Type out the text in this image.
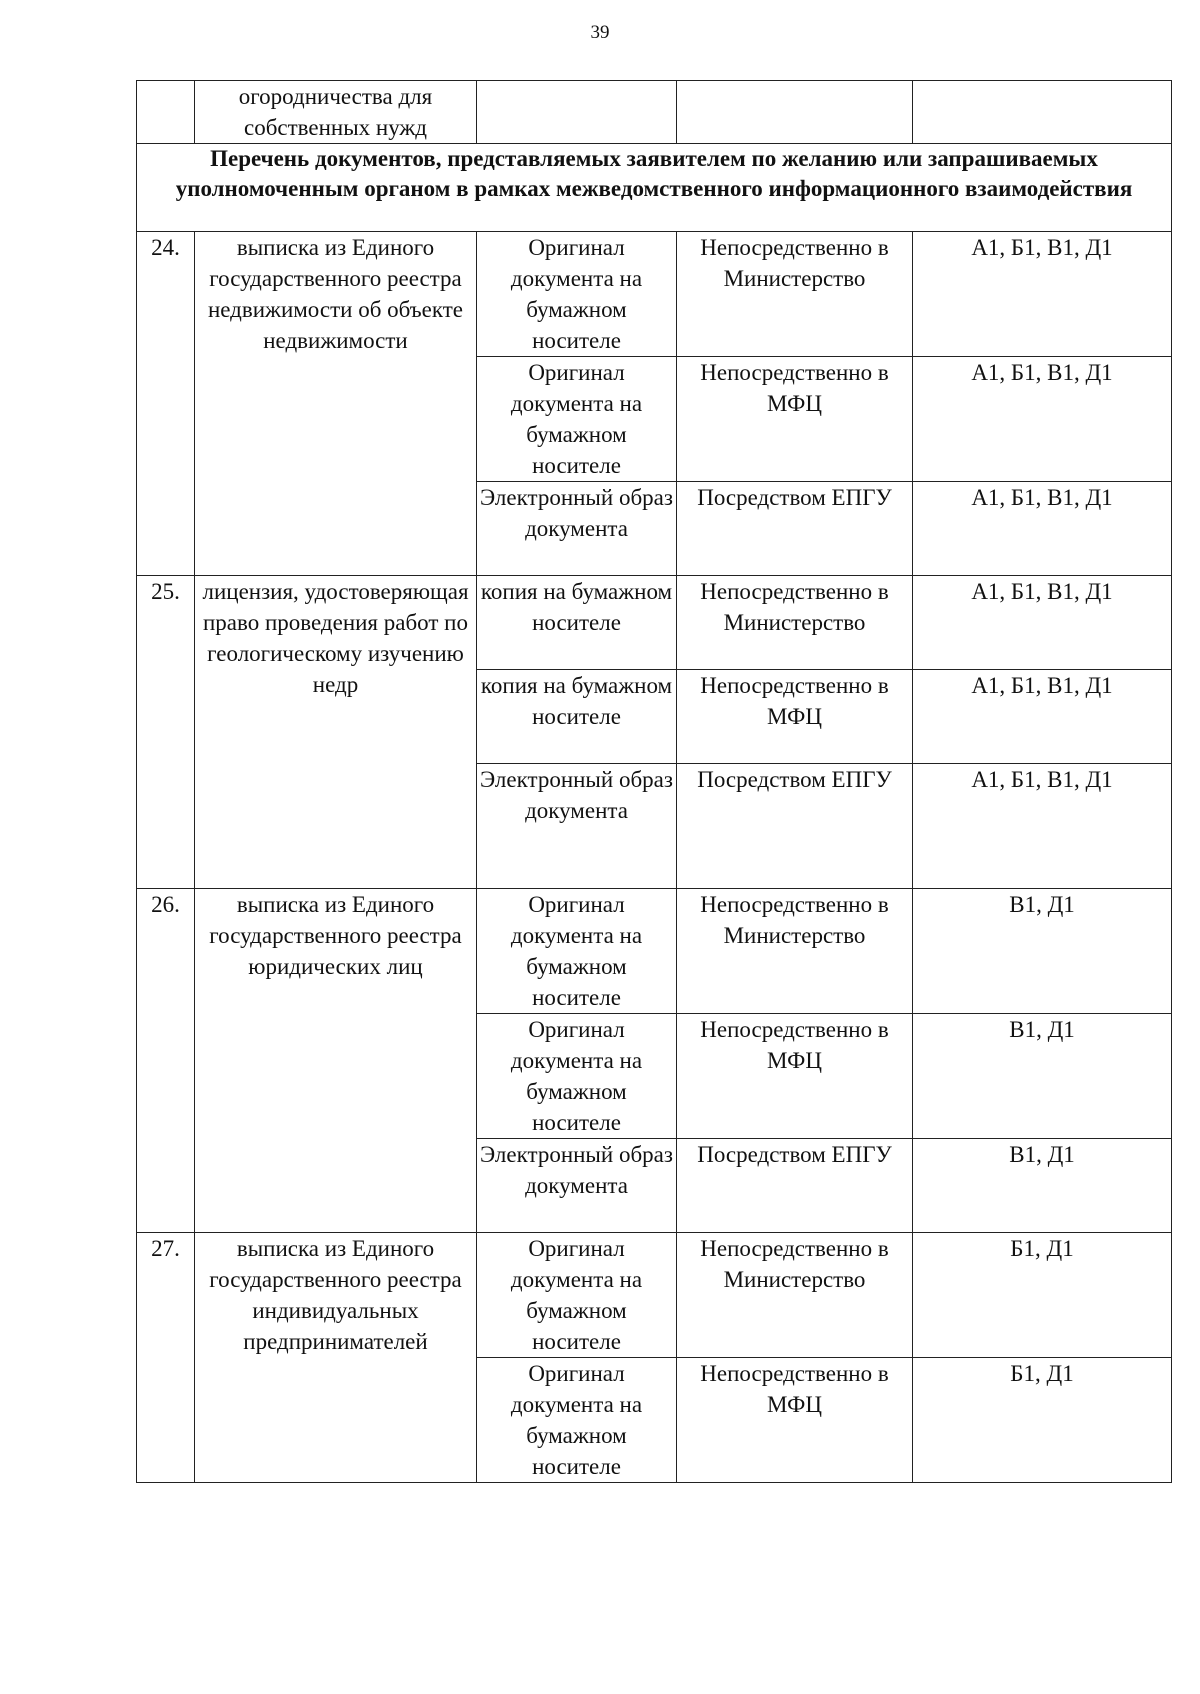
39
	огородничества для собственных нужд			
Перечень документов, представляемых заявителем по желанию или запрашиваемых уполномоченным органом в рамках межведомственного информационного взаимодействия				
24.	выписка из Единого государственного реестра недвижимости об объекте недвижимости	Оригинал документа на бумажном носителе	Непосредственно в Министерство	А1, Б1, В1, Д1
		Оригинал документа на бумажном носителе	Непосредственно в МФЦ	А1, Б1, В1, Д1
		Электронный образ документа	Посредством ЕПГУ	А1, Б1, В1, Д1
25.	лицензия, удостоверяющая право проведения работ по геологическому изучению недр	копия на бумажном носителе	Непосредственно в Министерство	А1, Б1, В1, Д1
		копия на бумажном носителе	Непосредственно в МФЦ	А1, Б1, В1, Д1
		Электронный образ документа	Посредством ЕПГУ	А1, Б1, В1, Д1
26.	выписка из Единого государственного реестра юридических лиц	Оригинал документа на бумажном носителе	Непосредственно в Министерство	В1, Д1
		Оригинал документа на бумажном носителе	Непосредственно в МФЦ	В1, Д1
		Электронный образ документа	Посредством ЕПГУ	В1, Д1
27.	выписка из Единого государственного реестра индивидуальных предпринимателей	Оригинал документа на бумажном носителе	Непосредственно в Министерство	Б1, Д1
		Оригинал документа на бумажном носителе	Непосредственно в МФЦ	Б1, Д1
